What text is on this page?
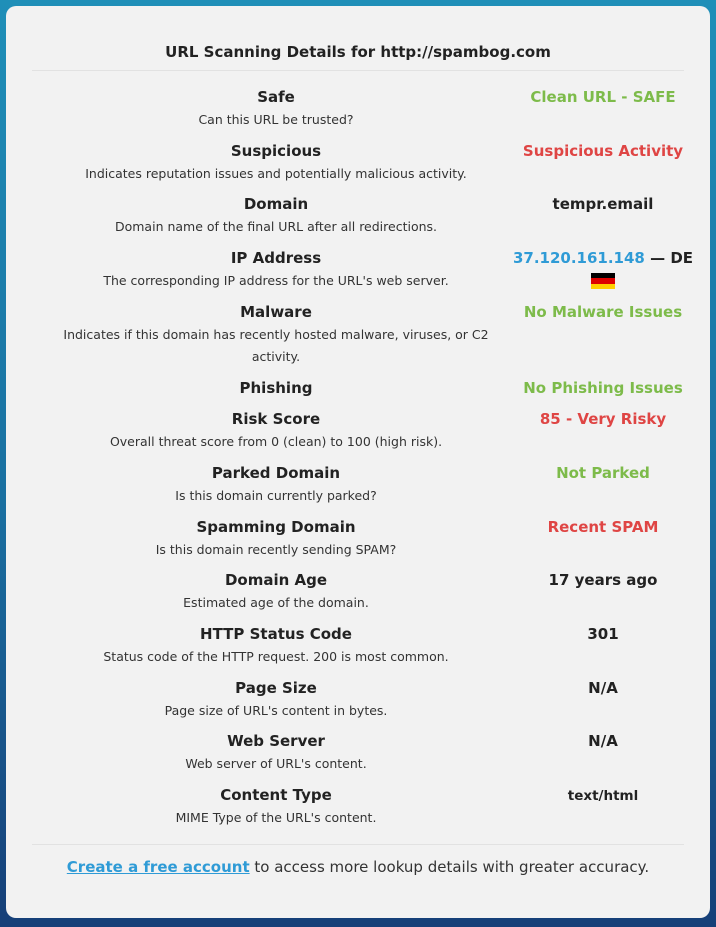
URL Scanning Details for http://spambog.com
Safe
Can this URL be trusted?
Clean URL - SAFE
Suspicious
Indicates reputation issues and potentially malicious activity.
Suspicious Activity
Domain
Domain name of the final URL after all redirections.
tempr.email
IP Address
The corresponding IP address for the URL's web server.
37.120.161.148 — DE
Malware
Indicates if this domain has recently hosted malware, viruses, or C2
activity.
No Malware Issues
Phishing	No Phishing Issues
Risk Score
Overall threat score from 0 (clean) to 100 (high risk).
85 - Very Risky
Parked Domain
Is this domain currently parked?
Not Parked
Spamming Domain
Is this domain recently sending SPAM?
Recent SPAM
Domain Age
Estimated age of the domain.
17 years ago
HTTP Status Code
Status code of the HTTP request. 200 is most common.
301
Page Size
Page size of URL's content in bytes.
N/A
Web Server
Web server of URL's content.
N/A
Content Type
MIME Type of the URL's content.
text/html
Create a free account to access more lookup details with greater accuracy.
